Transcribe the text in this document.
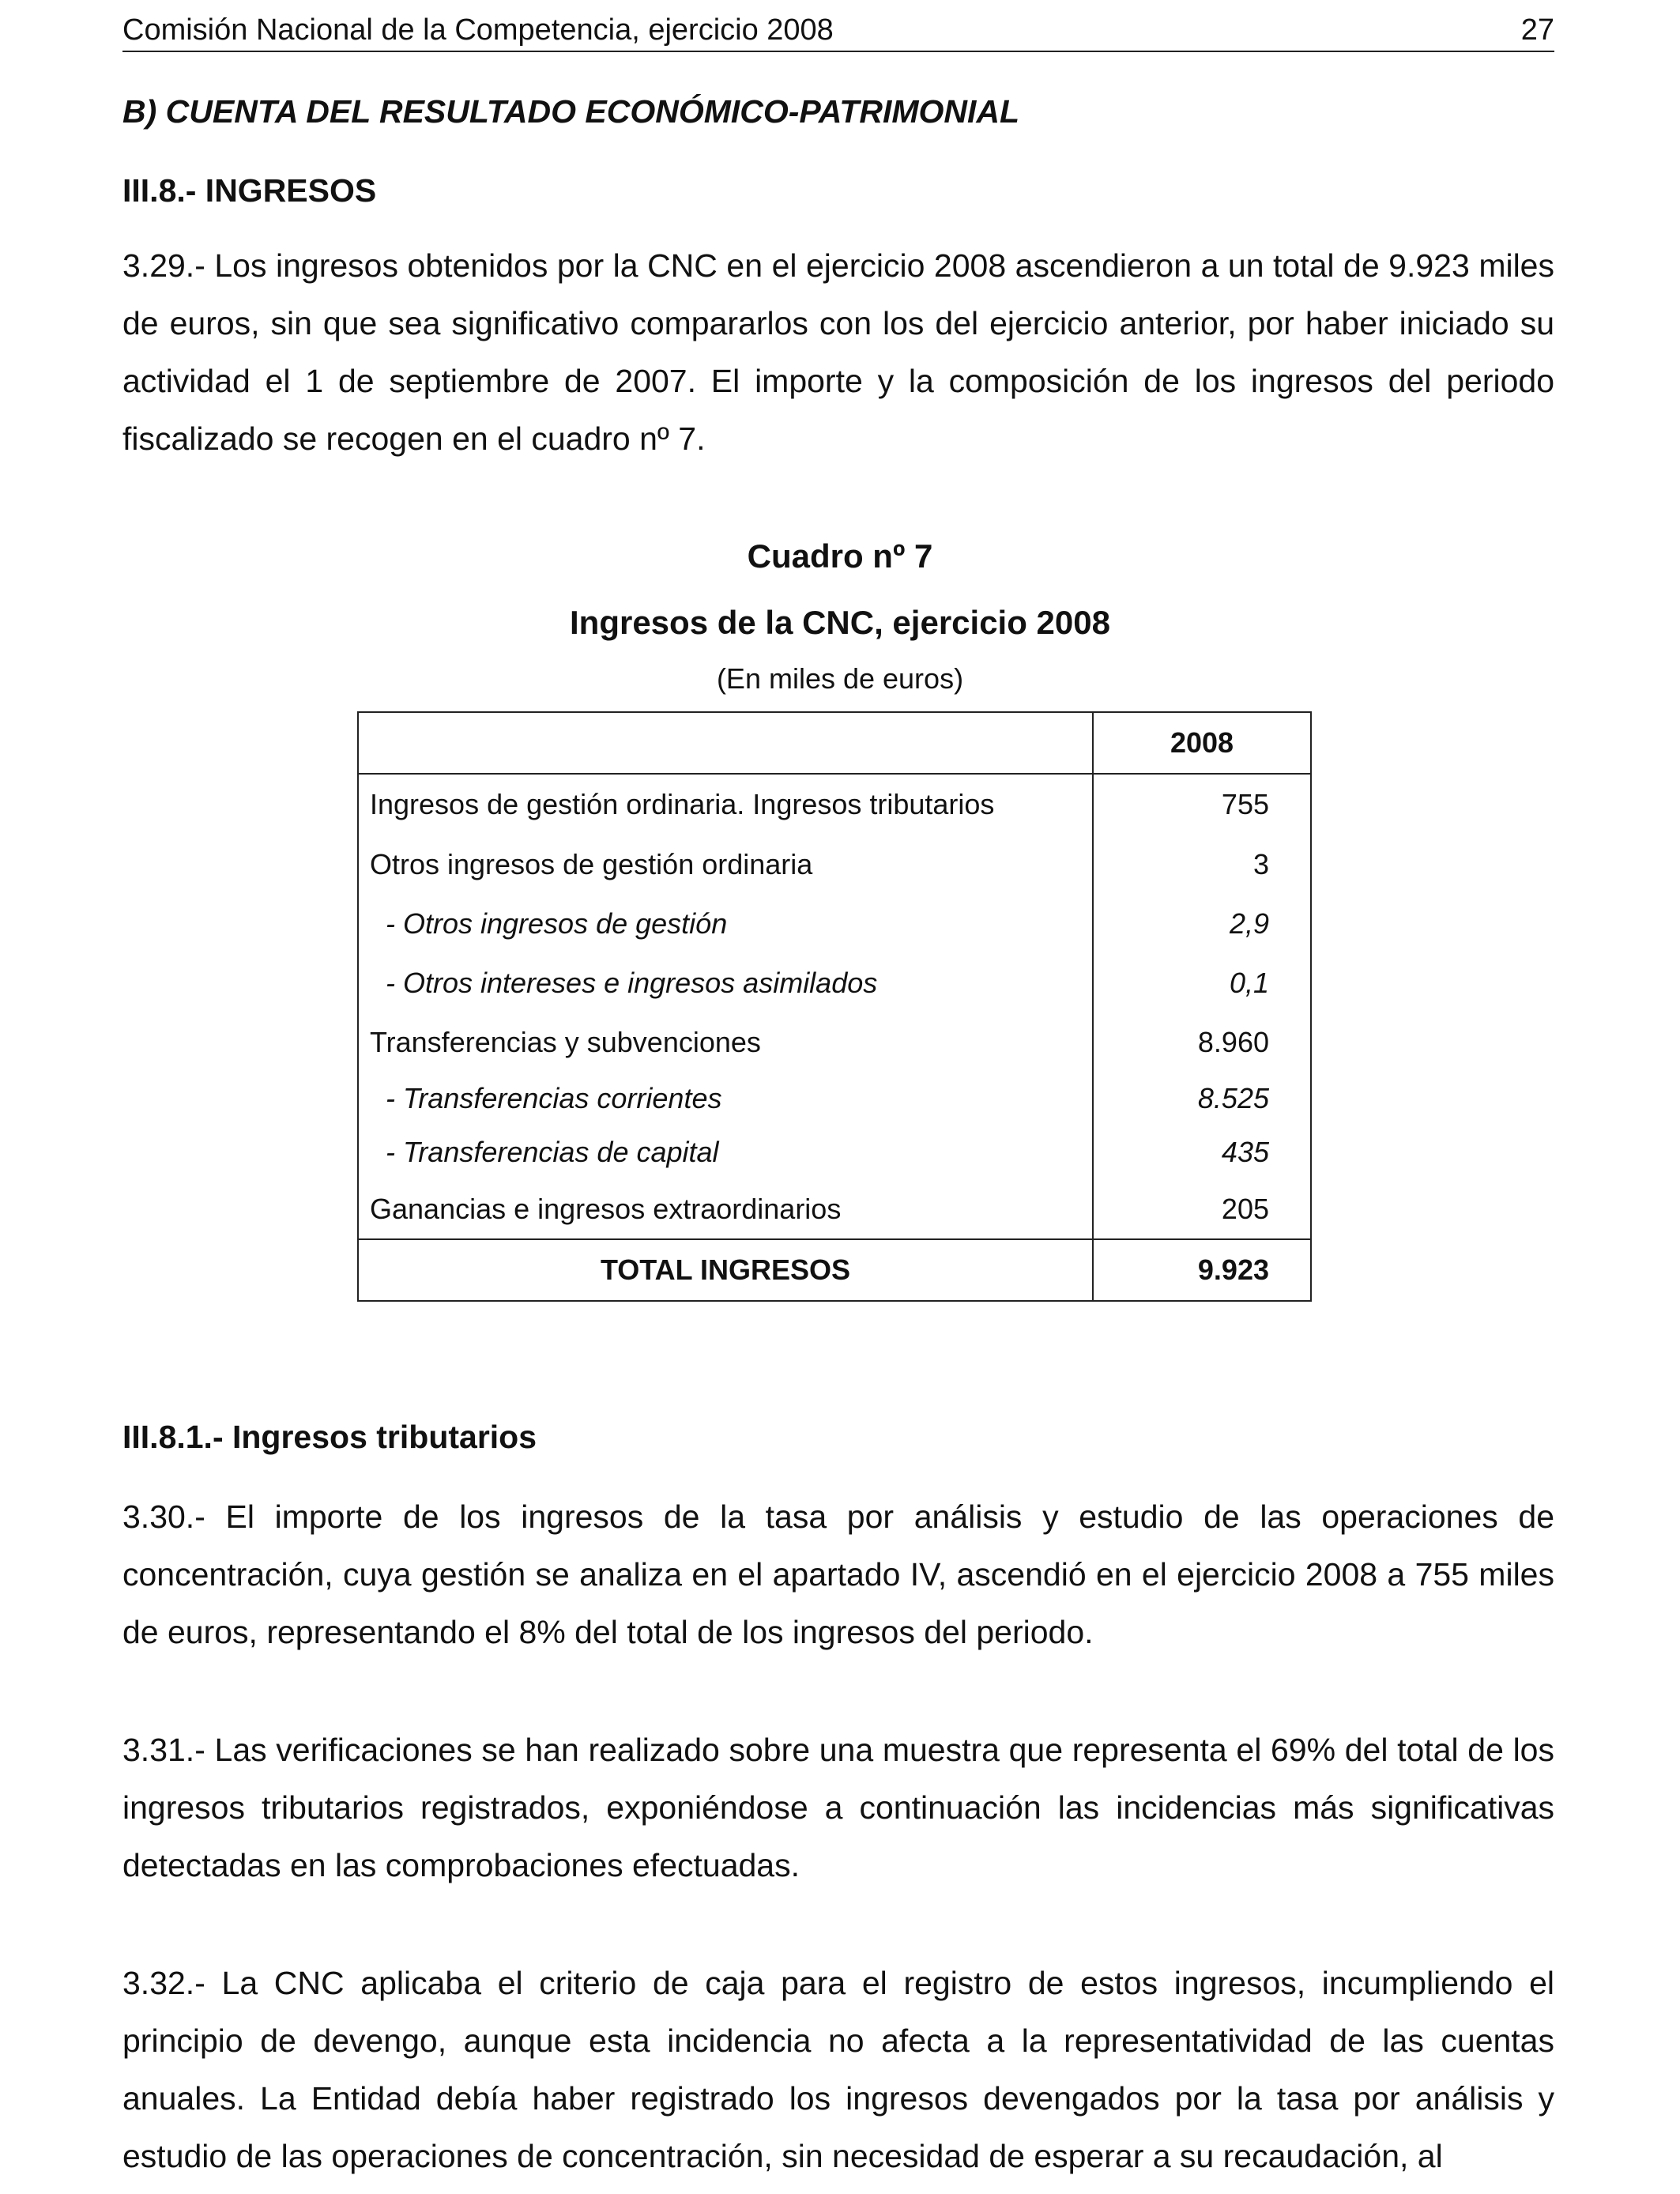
Comisión Nacional de la Competencia, ejercicio 2008	27
B) CUENTA DEL RESULTADO ECONÓMICO-PATRIMONIAL
III.8.- INGRESOS
3.29.- Los ingresos obtenidos por la CNC en el ejercicio 2008 ascendieron a un total de 9.923 miles de euros, sin que sea significativo compararlos con los del ejercicio anterior, por haber iniciado su actividad el 1 de septiembre de 2007. El importe y la composición de los ingresos del periodo fiscalizado se recogen en el cuadro nº 7.
Cuadro nº 7
Ingresos de la CNC, ejercicio 2008
(En miles de euros)
	2008
Ingresos de gestión ordinaria. Ingresos tributarios	755
Otros ingresos de gestión ordinaria	3
- Otros ingresos de gestión	2,9
- Otros intereses e ingresos asimilados	0,1
Transferencias y subvenciones	8.960
- Transferencias corrientes	8.525
- Transferencias de capital	435
Ganancias e ingresos extraordinarios	205
TOTAL INGRESOS	9.923
III.8.1.- Ingresos tributarios
3.30.- El importe de los ingresos de la tasa por análisis y estudio de las operaciones de concentración, cuya gestión se analiza en el apartado IV, ascendió en el ejercicio 2008 a 755 miles de euros, representando el 8% del total de los ingresos del periodo.
3.31.- Las verificaciones se han realizado sobre una muestra que representa el 69% del total de los ingresos tributarios registrados, exponiéndose a continuación las incidencias más significativas detectadas en las comprobaciones efectuadas.
3.32.- La CNC aplicaba el criterio de caja para el registro de estos ingresos, incumpliendo el principio de devengo, aunque esta incidencia no afecta a la representatividad de las cuentas anuales. La Entidad debía haber registrado los ingresos devengados por la tasa por análisis y estudio de las operaciones de concentración, sin necesidad de esperar a su recaudación, al
